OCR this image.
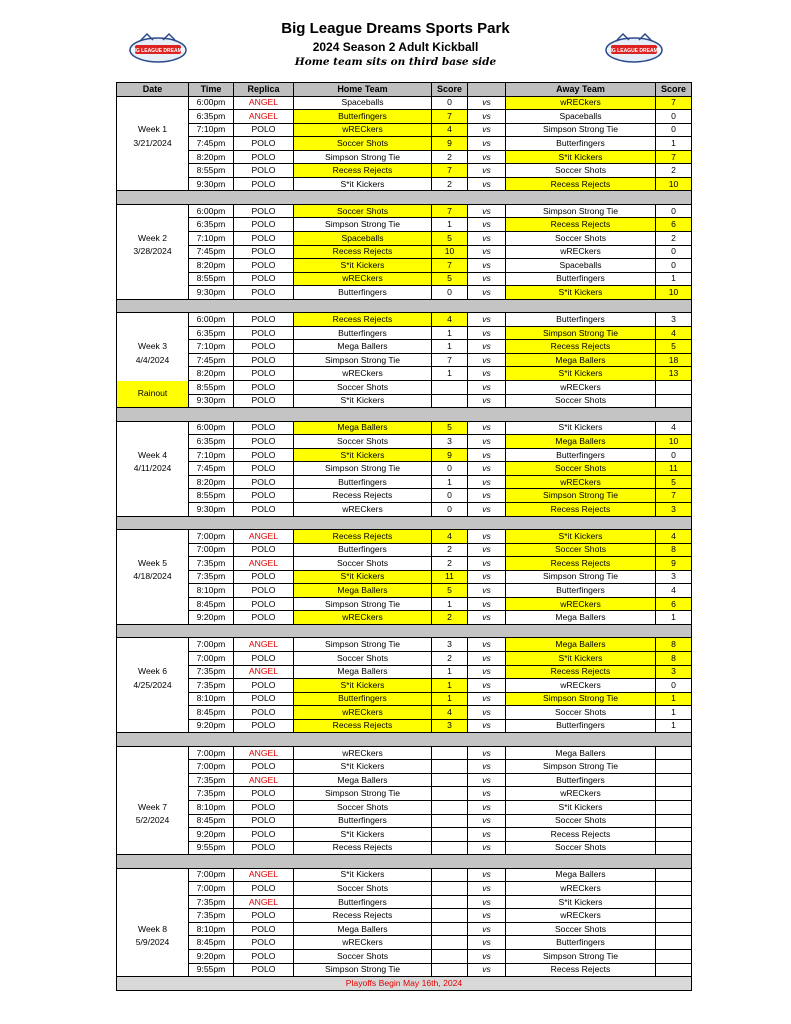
Big League Dreams Sports Park
2024 Season 2 Adult Kickball
Home team sits on third base side
BIG LEAGUE DREAMS	BIG LEAGUE DREAMS
Date	Time	Replica	Home Team	Score		Away Team	Score
	6:00pm	ANGEL	Spaceballs	0	vs	wRECkers	7
	6:35pm	ANGEL	Butterfingers	7	vs	Spaceballs	0
Week 1	7:10pm	POLO	wRECkers	4	vs	Simpson Strong Tie	0
3/21/2024	7:45pm	POLO	Soccer Shots	9	vs	Butterfingers	1
	8:20pm	POLO	Simpson Strong Tie	2	vs	S*it Kickers	7
	8:55pm	POLO	Recess Rejects	7	vs	Soccer Shots	2
	9:30pm	POLO	S*it Kickers	2	vs	Recess Rejects	10

	6:00pm	POLO	Soccer Shots	7	vs	Simpson Strong Tie	0
	6:35pm	POLO	Simpson Strong Tie	1	vs	Recess Rejects	6
Week 2	7:10pm	POLO	Spaceballs	5	vs	Soccer Shots	2
3/28/2024	7:45pm	POLO	Recess Rejects	10	vs	wRECkers	0
	8:20pm	POLO	S*it Kickers	7	vs	Spaceballs	0
	8:55pm	POLO	wRECkers	5	vs	Butterfingers	1
	9:30pm	POLO	Butterfingers	0	vs	S*it Kickers	10

	6:00pm	POLO	Recess Rejects	4	vs	Butterfingers	3
	6:35pm	POLO	Butterfingers	1	vs	Simpson Strong Tie	4
Week 3	7:10pm	POLO	Mega Ballers	1	vs	Recess Rejects	5
4/4/2024	7:45pm	POLO	Simpson Strong Tie	7	vs	Mega Ballers	18
	8:20pm	POLO	wRECkers	1	vs	S*it Kickers	13
Rainout	8:55pm	POLO	Soccer Shots		vs	wRECkers	
	9:30pm	POLO	S*it Kickers		vs	Soccer Shots	

	6:00pm	POLO	Mega Ballers	5	vs	S*it Kickers	4
	6:35pm	POLO	Soccer Shots	3	vs	Mega Ballers	10
Week 4	7:10pm	POLO	S*it Kickers	9	vs	Butterfingers	0
4/11/2024	7:45pm	POLO	Simpson Strong Tie	0	vs	Soccer Shots	11
	8:20pm	POLO	Butterfingers	1	vs	wRECkers	5
	8:55pm	POLO	Recess Rejects	0	vs	Simpson Strong Tie	7
	9:30pm	POLO	wRECkers	0	vs	Recess Rejects	3

	7:00pm	ANGEL	Recess Rejects	4	vs	S*it Kickers	4
	7:00pm	POLO	Butterfingers	2	vs	Soccer Shots	8
Week 5	7:35pm	ANGEL	Soccer Shots	2	vs	Recess Rejects	9
4/18/2024	7:35pm	POLO	S*it Kickers	11	vs	Simpson Strong Tie	3
	8:10pm	POLO	Mega Ballers	5	vs	Butterfingers	4
	8:45pm	POLO	Simpson Strong Tie	1	vs	wRECkers	6
	9:20pm	POLO	wRECkers	2	vs	Mega Ballers	1

	7:00pm	ANGEL	Simpson Strong Tie	3	vs	Mega Ballers	8
	7:00pm	POLO	Soccer Shots	2	vs	S*it Kickers	8
Week 6	7:35pm	ANGEL	Mega Ballers	1	vs	Recess Rejects	3
4/25/2024	7:35pm	POLO	S*it Kickers	1	vs	wRECkers	0
	8:10pm	POLO	Butterfingers	1	vs	Simpson Strong Tie	1
	8:45pm	POLO	wRECkers	4	vs	Soccer Shots	1
	9:20pm	POLO	Recess Rejects	3	vs	Butterfingers	1

	7:00pm	ANGEL	wRECkers		vs	Mega Ballers	
	7:00pm	POLO	S*it Kickers		vs	Simpson Strong Tie	
	7:35pm	ANGEL	Mega Ballers		vs	Butterfingers	
	7:35pm	POLO	Simpson Strong Tie		vs	wRECkers	
Week 7	8:10pm	POLO	Soccer Shots		vs	S*it Kickers	
5/2/2024	8:45pm	POLO	Butterfingers		vs	Soccer Shots	
	9:20pm	POLO	S*it Kickers		vs	Recess Rejects	
	9:55pm	POLO	Recess Rejects		vs	Soccer Shots	

	7:00pm	ANGEL	S*it Kickers		vs	Mega Ballers	
	7:00pm	POLO	Soccer Shots		vs	wRECkers	
	7:35pm	ANGEL	Butterfingers		vs	S*it Kickers	
	7:35pm	POLO	Recess Rejects		vs	wRECkers	
Week 8	8:10pm	POLO	Mega Ballers		vs	Soccer Shots	
5/9/2024	8:45pm	POLO	wRECkers		vs	Butterfingers	
	9:20pm	POLO	Soccer Shots		vs	Simpson Strong Tie	
	9:55pm	POLO	Simpson Strong Tie		vs	Recess Rejects	
Playoffs Begin May 16th, 2024							
